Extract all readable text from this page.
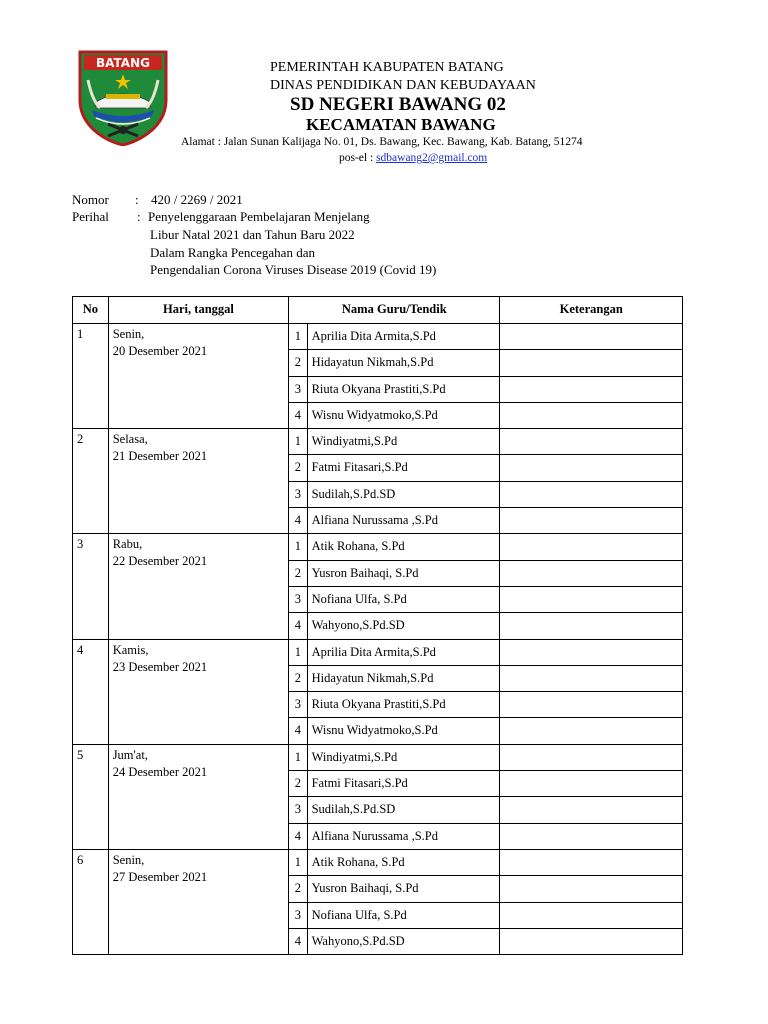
BATANG	PEMERINTAH KABUPATEN BATANG
DINAS PENDIDIKAN DAN KEBUDAYAAN
SD NEGERI BAWANG 02
KECAMATAN BAWANG
Alamat : Jalan Sunan Kalijaga No. 01, Ds. Bawang, Kec. Bawang, Kab. Batang, 51274
pos-el : sdbawang2@gmail.com
Nomor : 420 / 2269 / 2021
Perihal : Penyelenggaraan Pembelajaran Menjelang
Libur Natal 2021 dan Tahun Baru 2022
Dalam Rangka Pencegahan dan
Pengendalian Corona Viruses Disease 2019 (Covid 19)
No	Hari, tanggal	Nama Guru/Tendik		Keterangan
1	Senin,
20 Desember 2021	1	Aprilia Dita Armita,S.Pd	
		2	Hidayatun Nikmah,S.Pd	
		3	Riuta Okyana Prastiti,S.Pd	
		4	Wisnu Widyatmoko,S.Pd	
2	Selasa,
21 Desember 2021	1	Windiyatmi,S.Pd	
		2	Fatmi Fitasari,S.Pd	
		3	Sudilah,S.Pd.SD	
		4	Alfiana Nurussama ,S.Pd	
3	Rabu,
22 Desember 2021	1	Atik Rohana, S.Pd	
		2	Yusron Baihaqi, S.Pd	
		3	Nofiana Ulfa, S.Pd	
		4	Wahyono,S.Pd.SD	
4	Kamis,
23 Desember 2021	1	Aprilia Dita Armita,S.Pd	
		2	Hidayatun Nikmah,S.Pd	
		3	Riuta Okyana Prastiti,S.Pd	
		4	Wisnu Widyatmoko,S.Pd	
5	Jum'at,
24 Desember 2021	1	Windiyatmi,S.Pd	
		2	Fatmi Fitasari,S.Pd	
		3	Sudilah,S.Pd.SD	
		4	Alfiana Nurussama ,S.Pd	
6	Senin,
27 Desember 2021	1	Atik Rohana, S.Pd	
		2	Yusron Baihaqi, S.Pd	
		3	Nofiana Ulfa, S.Pd	
		4	Wahyono,S.Pd.SD	
